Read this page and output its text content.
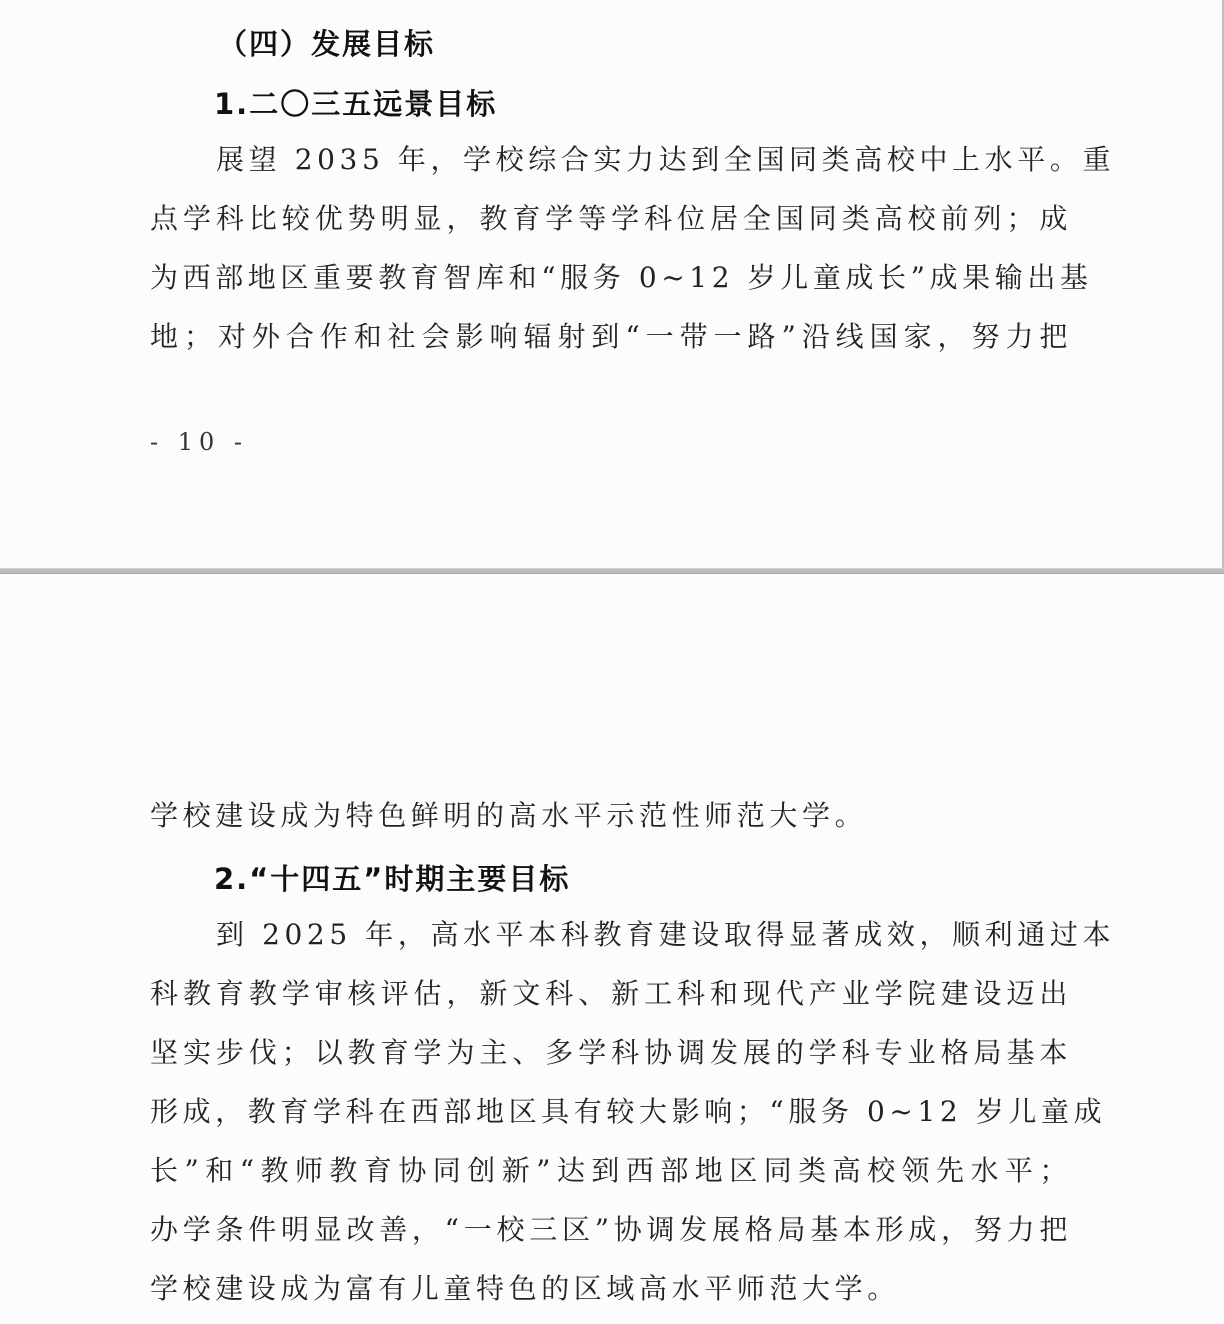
（四）发展目标
1.二〇三五远景目标
展望 2035 年，学校综合实力达到全国同类高校中上水平。重
点学科比较优势明显，教育学等学科位居全国同类高校前列；成
为西部地区重要教育智库和“服务 0~12 岁儿童成长”成果输出基
地；对外合作和社会影响辐射到“一带一路”沿线国家，努力把
- 10 -
学校建设成为特色鲜明的高水平示范性师范大学。
2.“十四五”时期主要目标
到 2025 年，高水平本科教育建设取得显著成效，顺利通过本
科教育教学审核评估，新文科、新工科和现代产业学院建设迈出
坚实步伐；以教育学为主、多学科协调发展的学科专业格局基本
形成，教育学科在西部地区具有较大影响；“服务 0~12 岁儿童成
长”和“教师教育协同创新”达到西部地区同类高校领先水平；
办学条件明显改善，“一校三区”协调发展格局基本形成，努力把
学校建设成为富有儿童特色的区域高水平师范大学。
